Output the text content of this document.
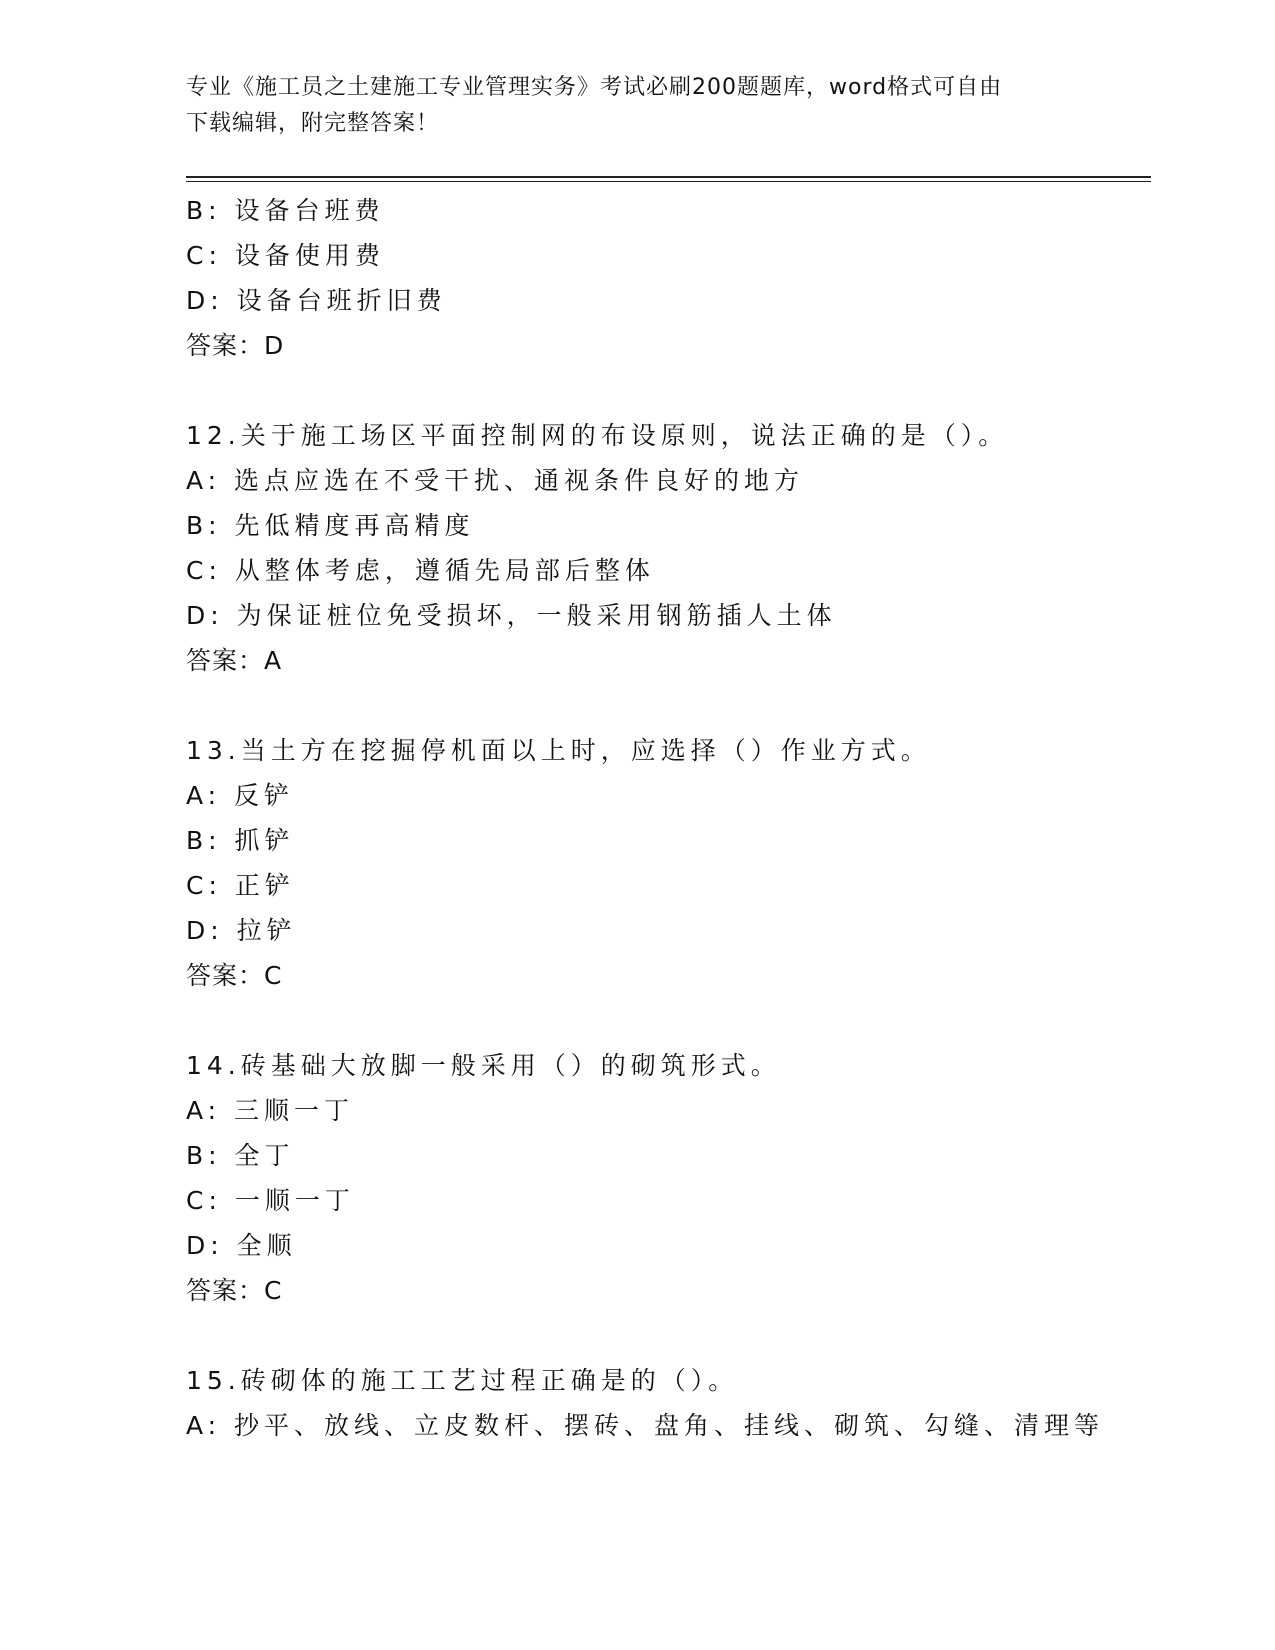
专业《施工员之土建施工专业管理实务》考试必刷200题题库，word格式可自由
下载编辑，附完整答案！
B: 设备台班费
C: 设备使用费
D: 设备台班折旧费
答案：D
12.关于施工场区平面控制网的布设原则，说法正确的是（）。
A: 选点应选在不受干扰、通视条件良好的地方
B: 先低精度再高精度
C: 从整体考虑，遵循先局部后整体
D: 为保证桩位免受损坏，一般采用钢筋插人土体
答案：A
13.当土方在挖掘停机面以上时，应选择（）作业方式。
A: 反铲
B: 抓铲
C: 正铲
D: 拉铲
答案：C
14.砖基础大放脚一般采用（）的砌筑形式。
A: 三顺一丁
B: 全丁
C: 一顺一丁
D: 全顺
答案：C
15.砖砌体的施工工艺过程正确是的（）。
A: 抄平、放线、立皮数杆、摆砖、盘角、挂线、砌筑、勾缝、清理等
